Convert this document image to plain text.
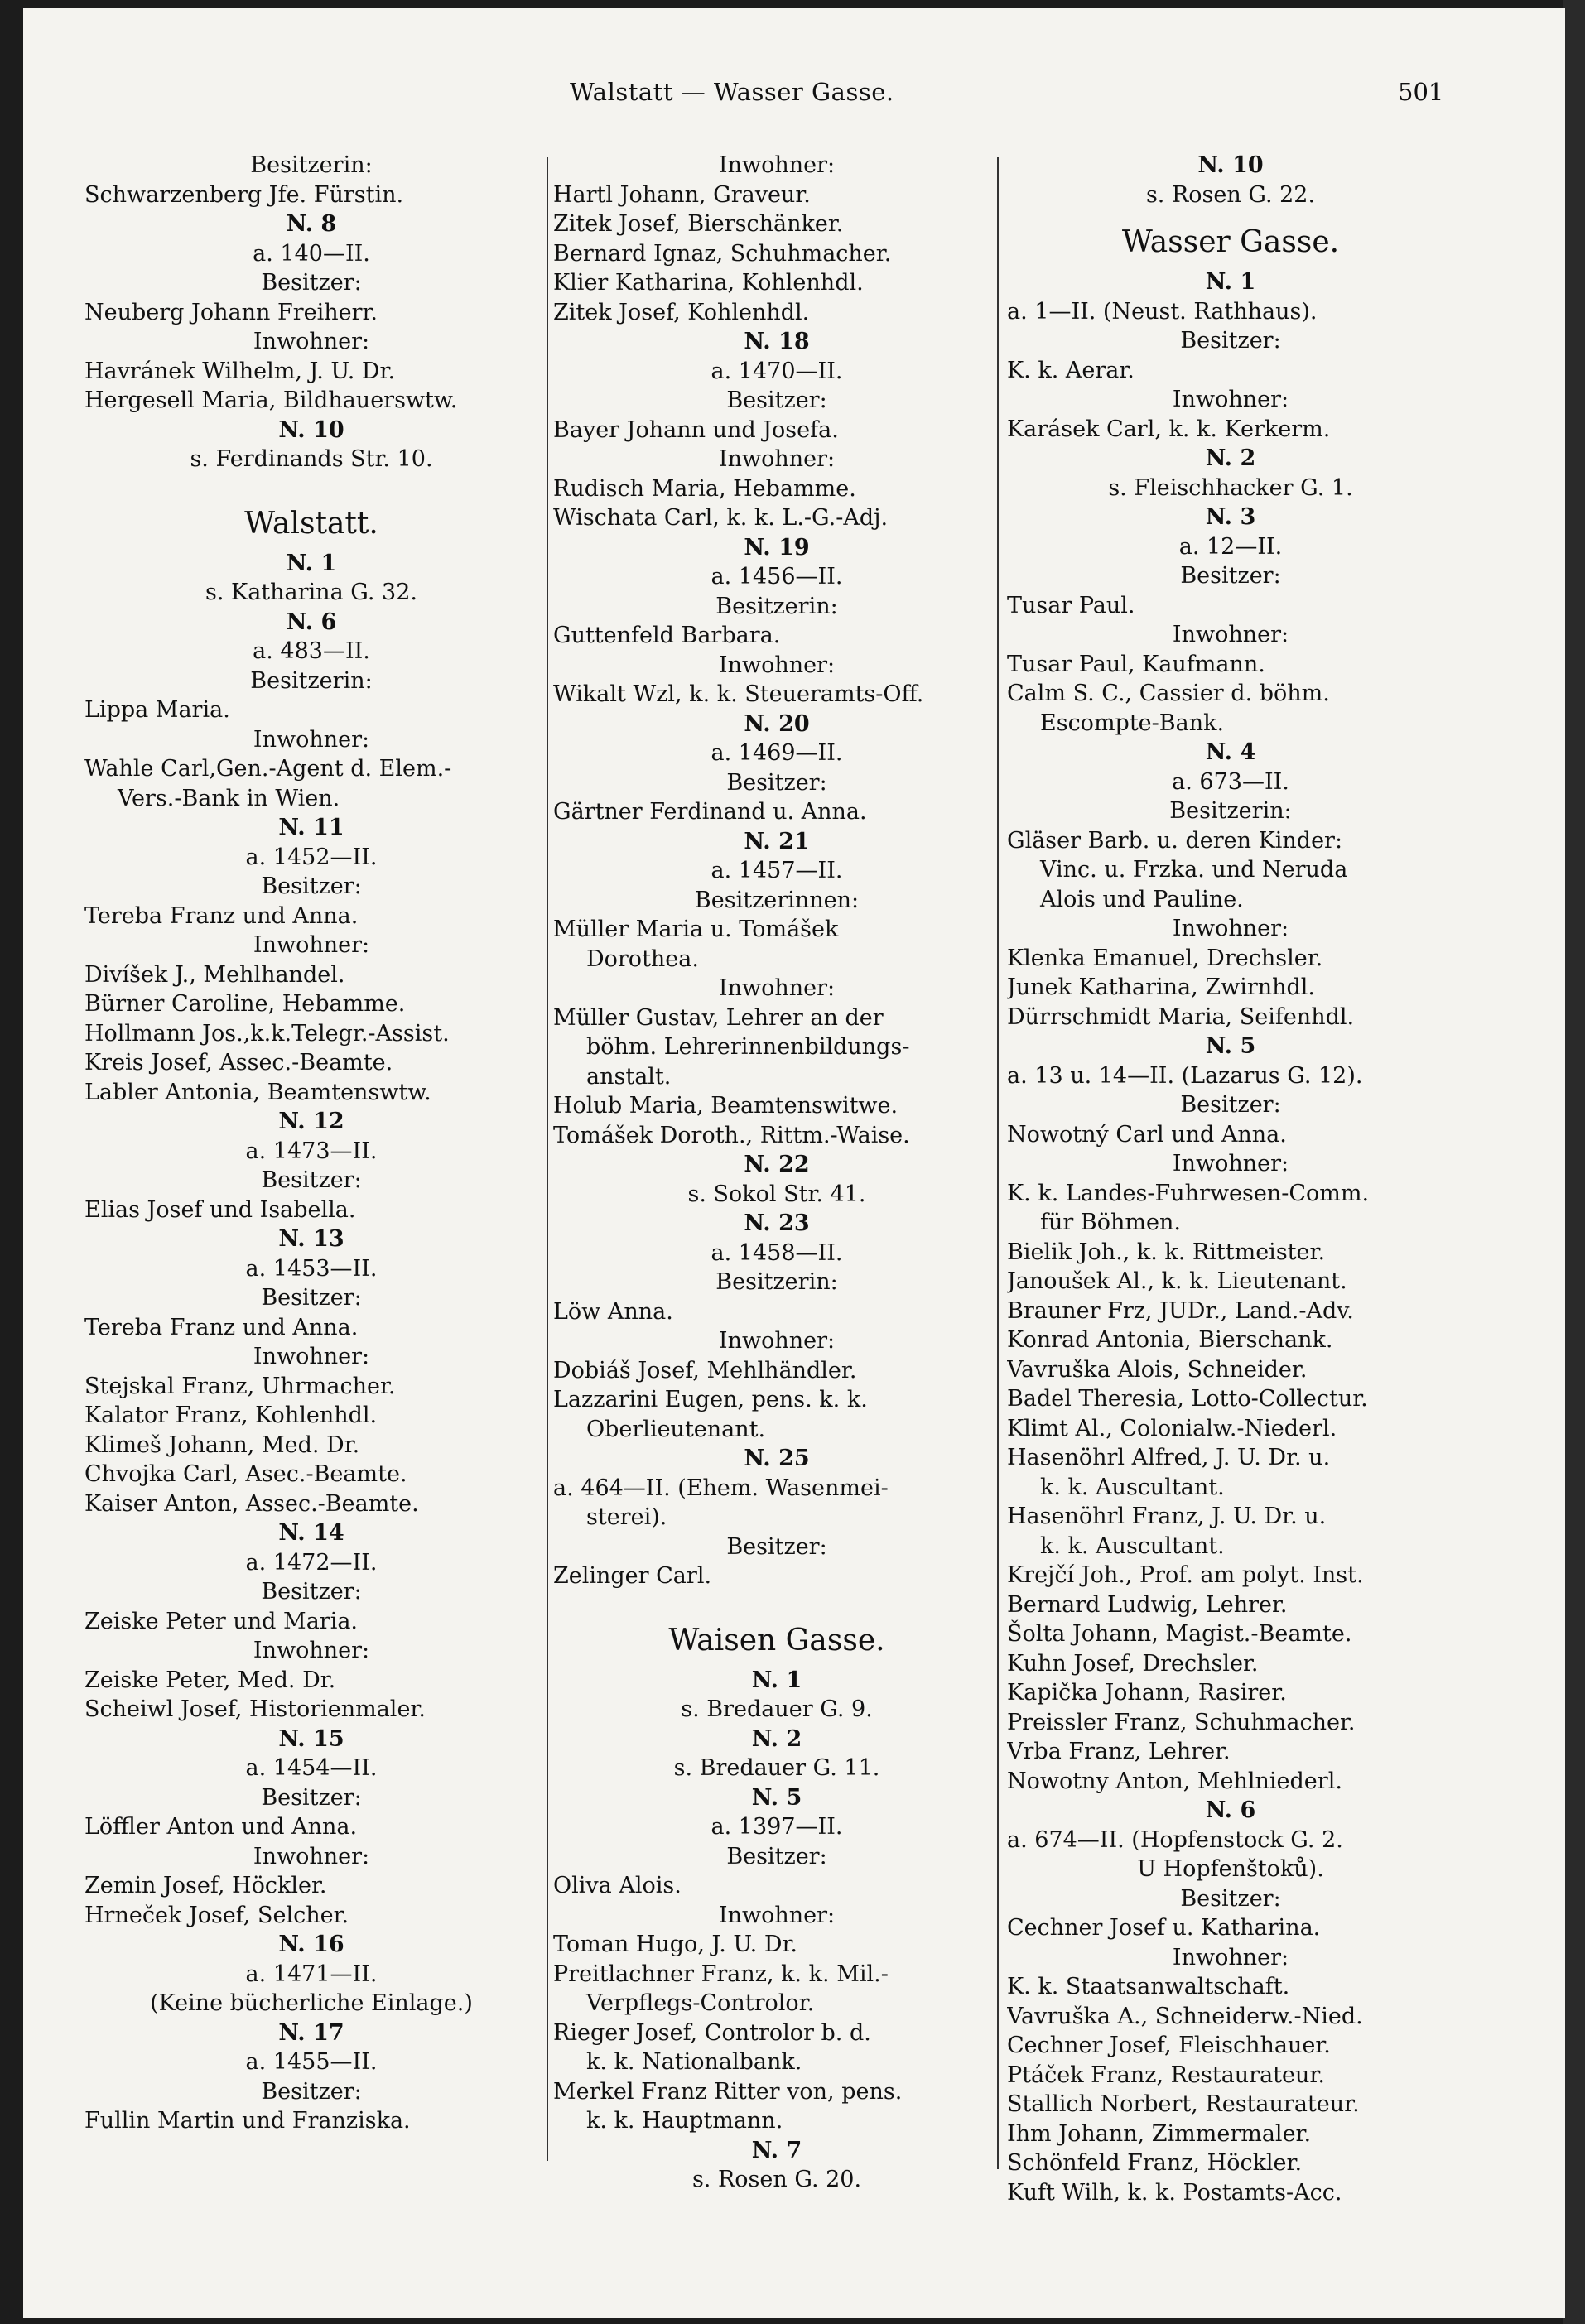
Walstatt — Wasser Gasse.	501
Besitzerin:
Schwarzenberg Jfe. Fürstin.
N. 8
a. 140—II.
Besitzer:
Neuberg Johann Freiherr.
Inwohner:
Havránek Wilhelm, J. U. Dr.
Hergesell Maria, Bildhauerswtw.
N. 10
s. Ferdinands Str. 10.
Walstatt.
N. 1
s. Katharina G. 32.
N. 6
a. 483—II.
Besitzerin:
Lippa Maria.
Inwohner:
Wahle Carl,Gen.-Agent d. Elem.-
Vers.-Bank in Wien.
N. 11
a. 1452—II.
Besitzer:
Tereba Franz und Anna.
Inwohner:
Divíšek J., Mehlhandel.
Bürner Caroline, Hebamme.
Hollmann Jos.,k.k.Telegr.-Assist.
Kreis Josef, Assec.-Beamte.
Labler Antonia, Beamtenswtw.
N. 12
a. 1473—II.
Besitzer:
Elias Josef und Isabella.
N. 13
a. 1453—II.
Besitzer:
Tereba Franz und Anna.
Inwohner:
Stejskal Franz, Uhrmacher.
Kalator Franz, Kohlenhdl.
Klimeš Johann, Med. Dr.
Chvojka Carl, Asec.-Beamte.
Kaiser Anton, Assec.-Beamte.
N. 14
a. 1472—II.
Besitzer:
Zeiske Peter und Maria.
Inwohner:
Zeiske Peter, Med. Dr.
Scheiwl Josef, Historienmaler.
N. 15
a. 1454—II.
Besitzer:
Löffler Anton und Anna.
Inwohner:
Zemin Josef, Höckler.
Hrneček Josef, Selcher.
N. 16
a. 1471—II.
(Keine bücherliche Einlage.)
N. 17
a. 1455—II.
Besitzer:
Fullin Martin und Franziska.
Inwohner:
Hartl Johann, Graveur.
Zitek Josef, Bierschänker.
Bernard Ignaz, Schuhmacher.
Klier Katharina, Kohlenhdl.
Zitek Josef, Kohlenhdl.
N. 18
a. 1470—II.
Besitzer:
Bayer Johann und Josefa.
Inwohner:
Rudisch Maria, Hebamme.
Wischata Carl, k. k. L.-G.-Adj.
N. 19
a. 1456—II.
Besitzerin:
Guttenfeld Barbara.
Inwohner:
Wikalt Wzl, k. k. Steueramts-Off.
N. 20
a. 1469—II.
Besitzer:
Gärtner Ferdinand u. Anna.
N. 21
a. 1457—II.
Besitzerinnen:
Müller Maria u. Tomášek
Dorothea.
Inwohner:
Müller Gustav, Lehrer an der
böhm. Lehrerinnenbildungs-
anstalt.
Holub Maria, Beamtenswitwe.
Tomášek Doroth., Rittm.-Waise.
N. 22
s. Sokol Str. 41.
N. 23
a. 1458—II.
Besitzerin:
Löw Anna.
Inwohner:
Dobiáš Josef, Mehlhändler.
Lazzarini Eugen, pens. k. k.
Oberlieutenant.
N. 25
a. 464—II. (Ehem. Wasenmei-
sterei).
Besitzer:
Zelinger Carl.
Waisen Gasse.
N. 1
s. Bredauer G. 9.
N. 2
s. Bredauer G. 11.
N. 5
a. 1397—II.
Besitzer:
Oliva Alois.
Inwohner:
Toman Hugo, J. U. Dr.
Preitlachner Franz, k. k. Mil.-
Verpflegs-Controlor.
Rieger Josef, Controlor b. d.
k. k. Nationalbank.
Merkel Franz Ritter von, pens.
k. k. Hauptmann.
N. 7
s. Rosen G. 20.
N. 10
s. Rosen G. 22.
Wasser Gasse.
N. 1
a. 1—II. (Neust. Rathhaus).
Besitzer:
K. k. Aerar.
Inwohner:
Karásek Carl, k. k. Kerkerm.
N. 2
s. Fleischhacker G. 1.
N. 3
a. 12—II.
Besitzer:
Tusar Paul.
Inwohner:
Tusar Paul, Kaufmann.
Calm S. C., Cassier d. böhm.
Escompte-Bank.
N. 4
a. 673—II.
Besitzerin:
Gläser Barb. u. deren Kinder:
Vinc. u. Frzka. und Neruda
Alois und Pauline.
Inwohner:
Klenka Emanuel, Drechsler.
Junek Katharina, Zwirnhdl.
Dürrschmidt Maria, Seifenhdl.
N. 5
a. 13 u. 14—II. (Lazarus G. 12).
Besitzer:
Nowotný Carl und Anna.
Inwohner:
K. k. Landes-Fuhrwesen-Comm.
für Böhmen.
Bielik Joh., k. k. Rittmeister.
Janoušek Al., k. k. Lieutenant.
Brauner Frz, JUDr., Land.-Adv.
Konrad Antonia, Bierschank.
Vavruška Alois, Schneider.
Badel Theresia, Lotto-Collectur.
Klimt Al., Colonialw.-Niederl.
Hasenöhrl Alfred, J. U. Dr. u.
k. k. Auscultant.
Hasenöhrl Franz, J. U. Dr. u.
k. k. Auscultant.
Krejčí Joh., Prof. am polyt. Inst.
Bernard Ludwig, Lehrer.
Šolta Johann, Magist.-Beamte.
Kuhn Josef, Drechsler.
Kapička Johann, Rasirer.
Preissler Franz, Schuhmacher.
Vrba Franz, Lehrer.
Nowotny Anton, Mehlniederl.
N. 6
a. 674—II. (Hopfenstock G. 2.
U Hopfenštoků).
Besitzer:
Cechner Josef u. Katharina.
Inwohner:
K. k. Staatsanwaltschaft.
Vavruška A., Schneiderw.-Nied.
Cechner Josef, Fleischhauer.
Ptáček Franz, Restaurateur.
Stallich Norbert, Restaurateur.
Ihm Johann, Zimmermaler.
Schönfeld Franz, Höckler.
Kuft Wilh, k. k. Postamts-Acc.
